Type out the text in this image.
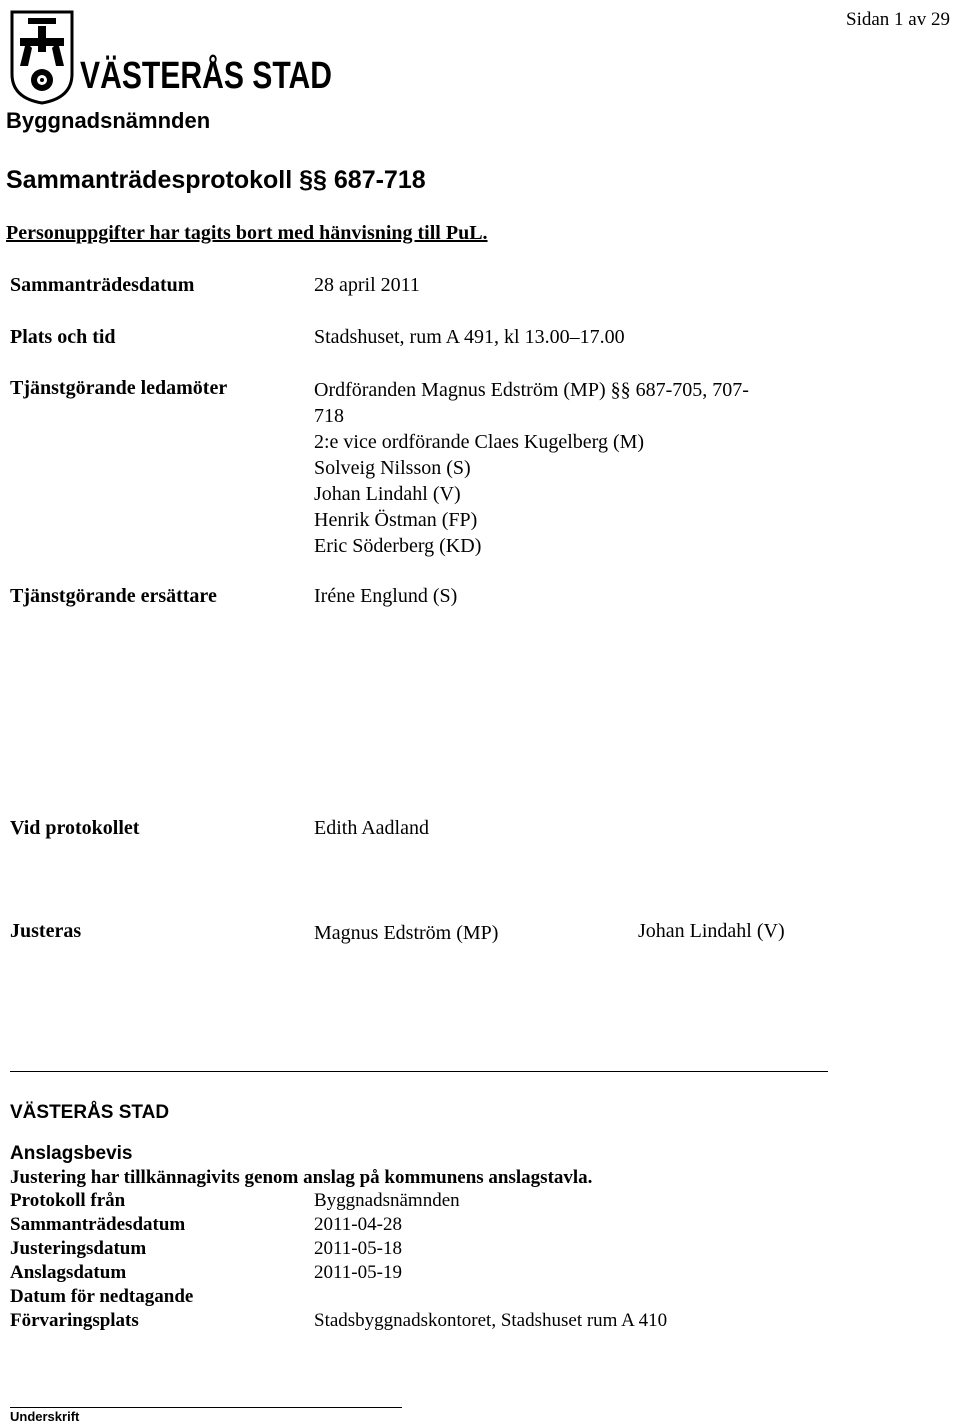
Sidan 1 av 29
VÄSTERÅS STAD
Byggnadsnämnden
Sammanträdesprotokoll §§ 687-718
Personuppgifter har tagits bort med hänvisning till PuL.
Sammanträdesdatum	28 april 2011
Plats och tid	Stadshuset, rum A 491, kl 13.00–17.00
Tjänstgörande ledamöter	Ordföranden Magnus Edström (MP) §§ 687-705, 707-
718
2:e vice ordförande Claes Kugelberg (M)
Solveig Nilsson (S)
Johan Lindahl (V)
Henrik Östman (FP)
Eric Söderberg (KD)
Tjänstgörande ersättare	Iréne Englund (S)
Vid protokollet	Edith Aadland
Justeras	Magnus Edström (MP)	Johan Lindahl (V)
VÄSTERÅS STAD
Anslagsbevis
Justering har tillkännagivits genom anslag på kommunens anslagstavla.
Protokoll från	Byggnadsnämnden
Sammanträdesdatum	2011-04-28
Justeringsdatum	2011-05-18
Anslagsdatum	2011-05-19
Datum för nedtagande
Förvaringsplats	Stadsbyggnadskontoret, Stadshuset rum A 410
Underskrift
